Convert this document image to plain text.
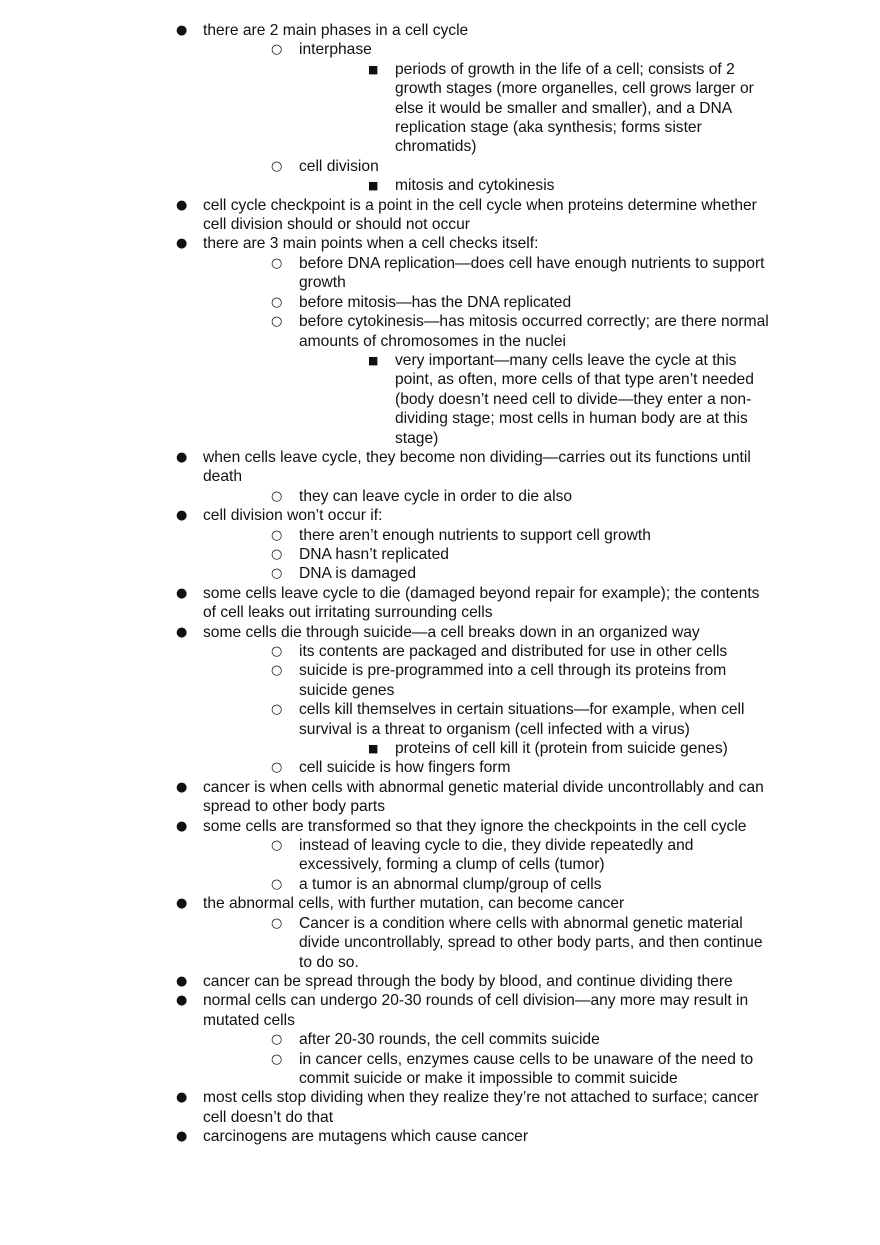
● there are 2 main phases in a cell cycle
○ interphase
■ periods of growth in the life of a cell; consists of 2 growth stages (more organelles, cell grows larger or else it would be smaller and smaller), and a DNA replication stage (aka synthesis; forms sister chromatids)
○ cell division
■ mitosis and cytokinesis
● cell cycle checkpoint is a point in the cell cycle when proteins determine whether cell division should or should not occur
● there are 3 main points when a cell checks itself:
○ before DNA replication—does cell have enough nutrients to support growth
○ before mitosis—has the DNA replicated
○ before cytokinesis—has mitosis occurred correctly; are there normal amounts of chromosomes in the nuclei
■ very important—many cells leave the cycle at this point, as often, more cells of that type aren’t needed (body doesn’t need cell to divide—they enter a non-dividing stage; most cells in human body are at this stage)
● when cells leave cycle, they become non dividing—carries out its functions until death
○ they can leave cycle in order to die also
● cell division won’t occur if:
○ there aren’t enough nutrients to support cell growth
○ DNA hasn’t replicated
○ DNA is damaged
● some cells leave cycle to die (damaged beyond repair for example); the contents of cell leaks out irritating surrounding cells
● some cells die through suicide—a cell breaks down in an organized way
○ its contents are packaged and distributed for use in other cells
○ suicide is pre-programmed into a cell through its proteins from suicide genes
○ cells kill themselves in certain situations—for example, when cell survival is a threat to organism (cell infected with a virus)
■ proteins of cell kill it (protein from suicide genes)
○ cell suicide is how fingers form
● cancer is when cells with abnormal genetic material divide uncontrollably and can spread to other body parts
● some cells are transformed so that they ignore the checkpoints in the cell cycle
○ instead of leaving cycle to die, they divide repeatedly and excessively, forming a clump of cells (tumor)
○ a tumor is an abnormal clump/group of cells
● the abnormal cells, with further mutation, can become cancer
○ Cancer is a condition where cells with abnormal genetic material divide uncontrollably, spread to other body parts, and then continue to do so.
● cancer can be spread through the body by blood, and continue dividing there
● normal cells can undergo 20-30 rounds of cell division—any more may result in mutated cells
○ after 20-30 rounds, the cell commits suicide
○ in cancer cells, enzymes cause cells to be unaware of the need to commit suicide or make it impossible to commit suicide
● most cells stop dividing when they realize they’re not attached to surface; cancer cell doesn’t do that
● carcinogens are mutagens which cause cancer
